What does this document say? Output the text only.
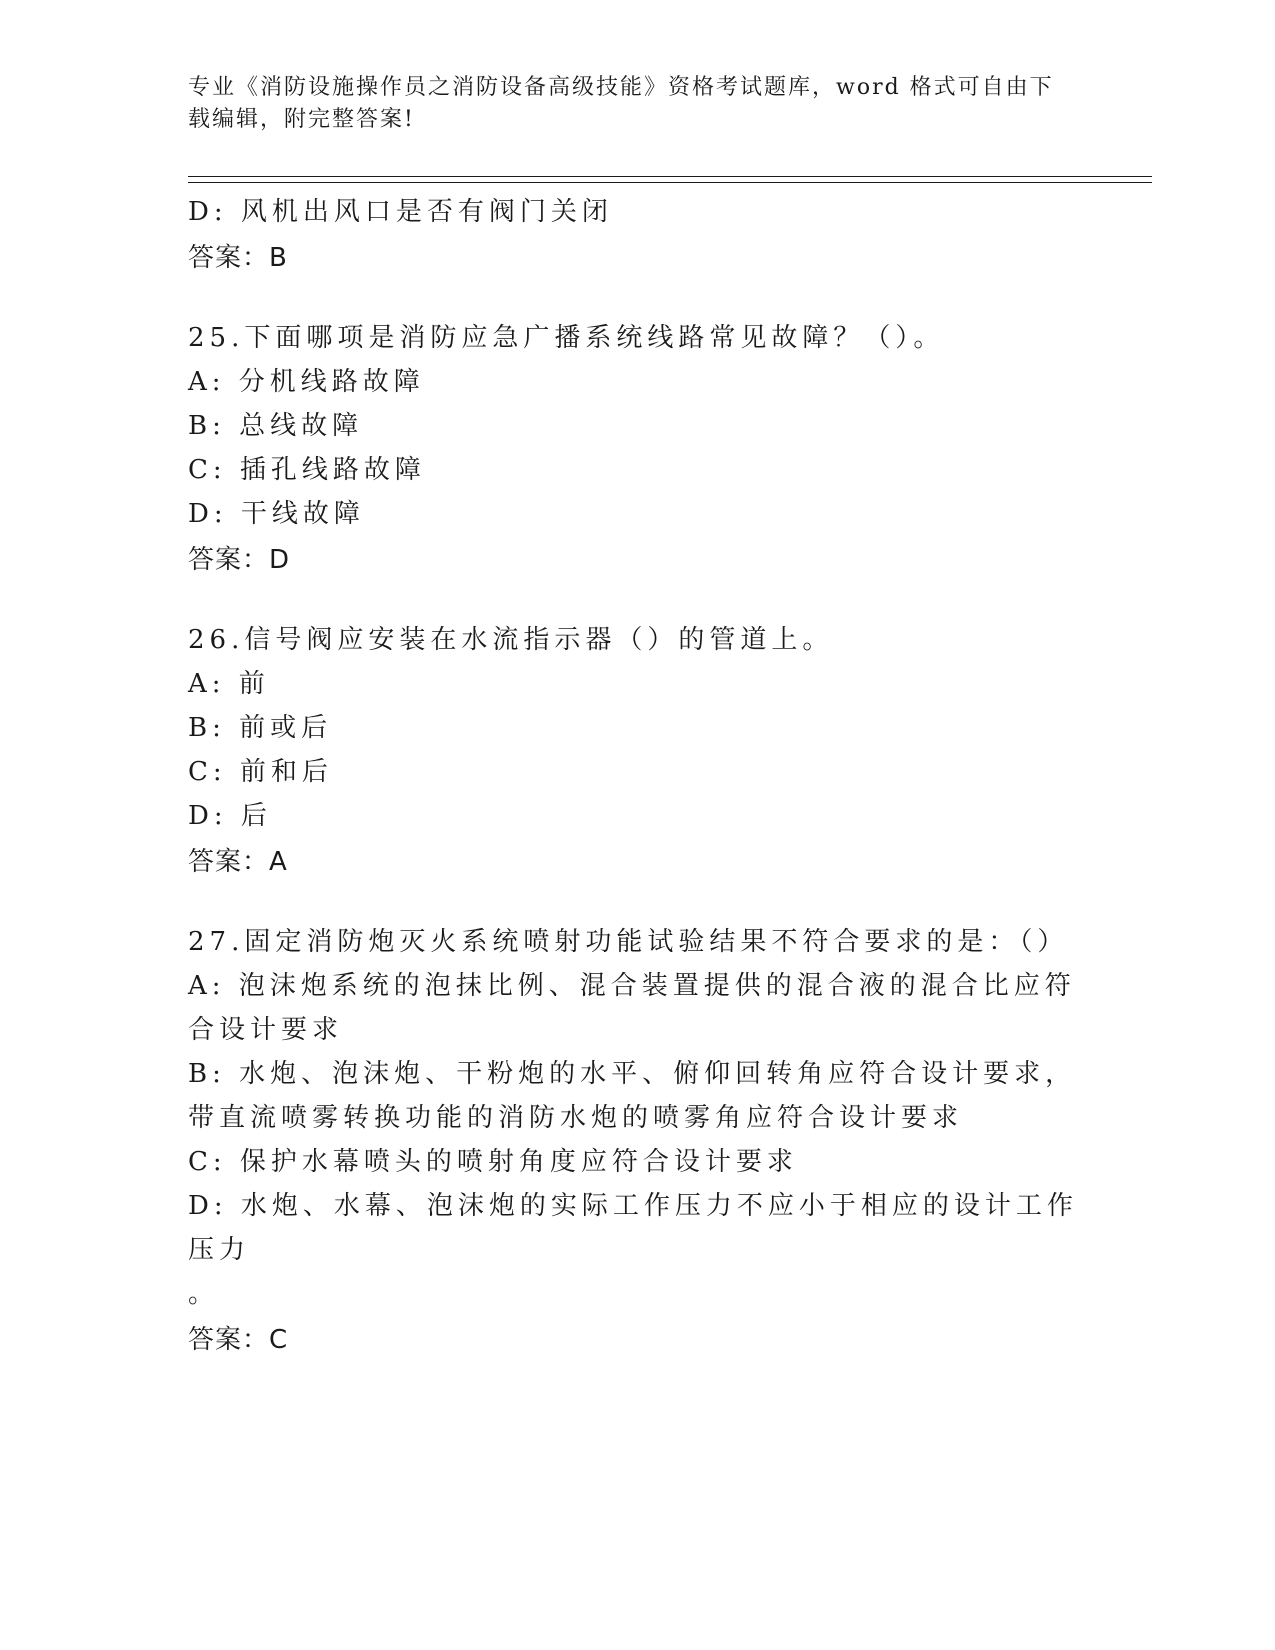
专业《消防设施操作员之消防设备高级技能》资格考试题库，word 格式可自由下载编辑，附完整答案!
D: 风机出风口是否有阀门关闭
答案：B
25.下面哪项是消防应急广播系统线路常见故障？（）。
A: 分机线路故障
B: 总线故障
C: 插孔线路故障
D: 干线故障
答案：D
26.信号阀应安装在水流指示器（）的管道上。
A: 前
B: 前或后
C: 前和后
D: 后
答案：A
27.固定消防炮灭火系统喷射功能试验结果不符合要求的是：（）
A: 泡沫炮系统的泡抹比例、混合装置提供的混合液的混合比应符合设计要求
B: 水炮、泡沫炮、干粉炮的水平、俯仰回转角应符合设计要求，带直流喷雾转换功能的消防水炮的喷雾角应符合设计要求
C: 保护水幕喷头的喷射角度应符合设计要求
D: 水炮、水幕、泡沫炮的实际工作压力不应小于相应的设计工作压力
。
答案：C
